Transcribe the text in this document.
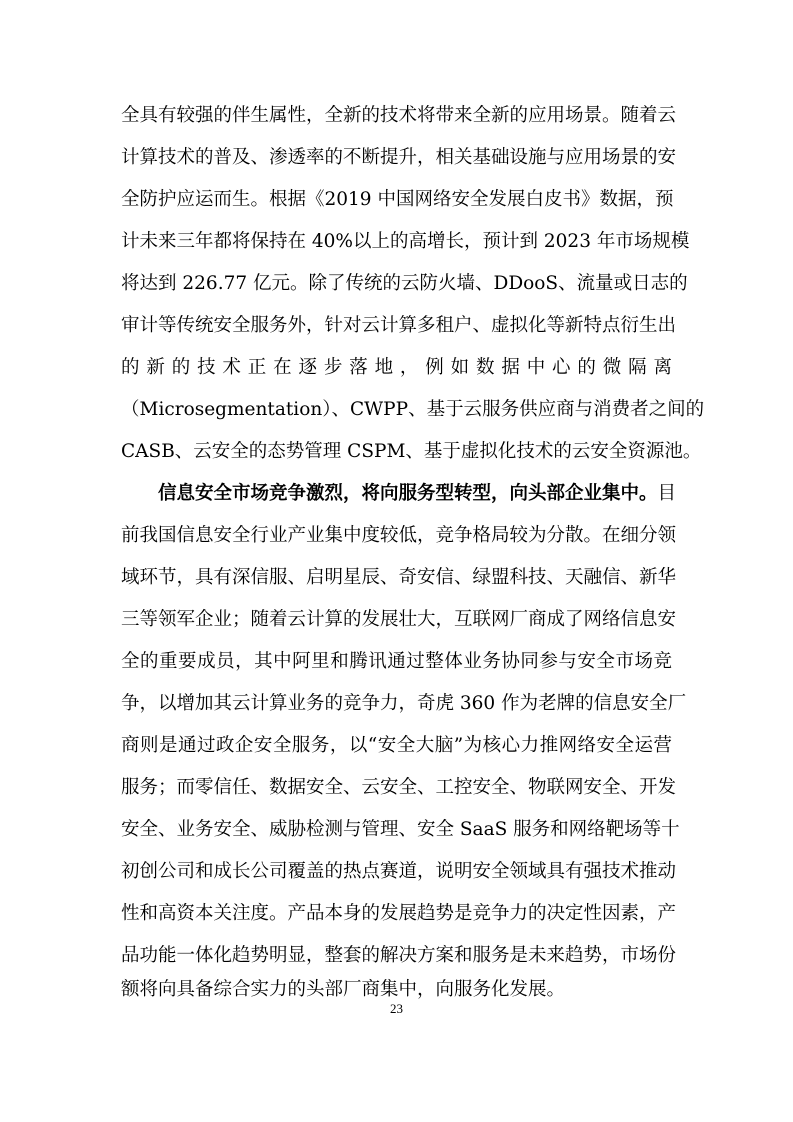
全具有较强的伴生属性，全新的技术将带来全新的应用场景。随着云
计算技术的普及、渗透率的不断提升，相关基础设施与应用场景的安
全防护应运而生。根据《2019 中国网络安全发展白皮书》数据，预
计未来三年都将保持在 40%以上的高增长，预计到 2023 年市场规模
将达到 226.77 亿元。除了传统的云防火墙、DDooS、流量或日志的
审计等传统安全服务外，针对云计算多租户、虚拟化等新特点衍生出
的新的技术正在逐步落地，例如数据中心的微隔离
（Microsegmentation）、CWPP、基于云服务供应商与消费者之间的
CASB、云安全的态势管理 CSPM、基于虚拟化技术的云安全资源池。
信息安全市场竞争激烈，将向服务型转型，向头部企业集中。目
前我国信息安全行业产业集中度较低，竞争格局较为分散。在细分领
域环节，具有深信服、启明星辰、奇安信、绿盟科技、天融信、新华
三等领军企业；随着云计算的发展壮大，互联网厂商成了网络信息安
全的重要成员，其中阿里和腾讯通过整体业务协同参与安全市场竞
争，以增加其云计算业务的竞争力，奇虎 360 作为老牌的信息安全厂
商则是通过政企安全服务，以“安全大脑”为核心力推网络安全运营
服务；而零信任、数据安全、云安全、工控安全、物联网安全、开发
安全、业务安全、威胁检测与管理、安全 SaaS 服务和网络靶场等十
初创公司和成长公司覆盖的热点赛道，说明安全领域具有强技术推动
性和高资本关注度。产品本身的发展趋势是竞争力的决定性因素，产
品功能一体化趋势明显，整套的解决方案和服务是未来趋势，市场份
额将向具备综合实力的头部厂商集中，向服务化发展。
23
